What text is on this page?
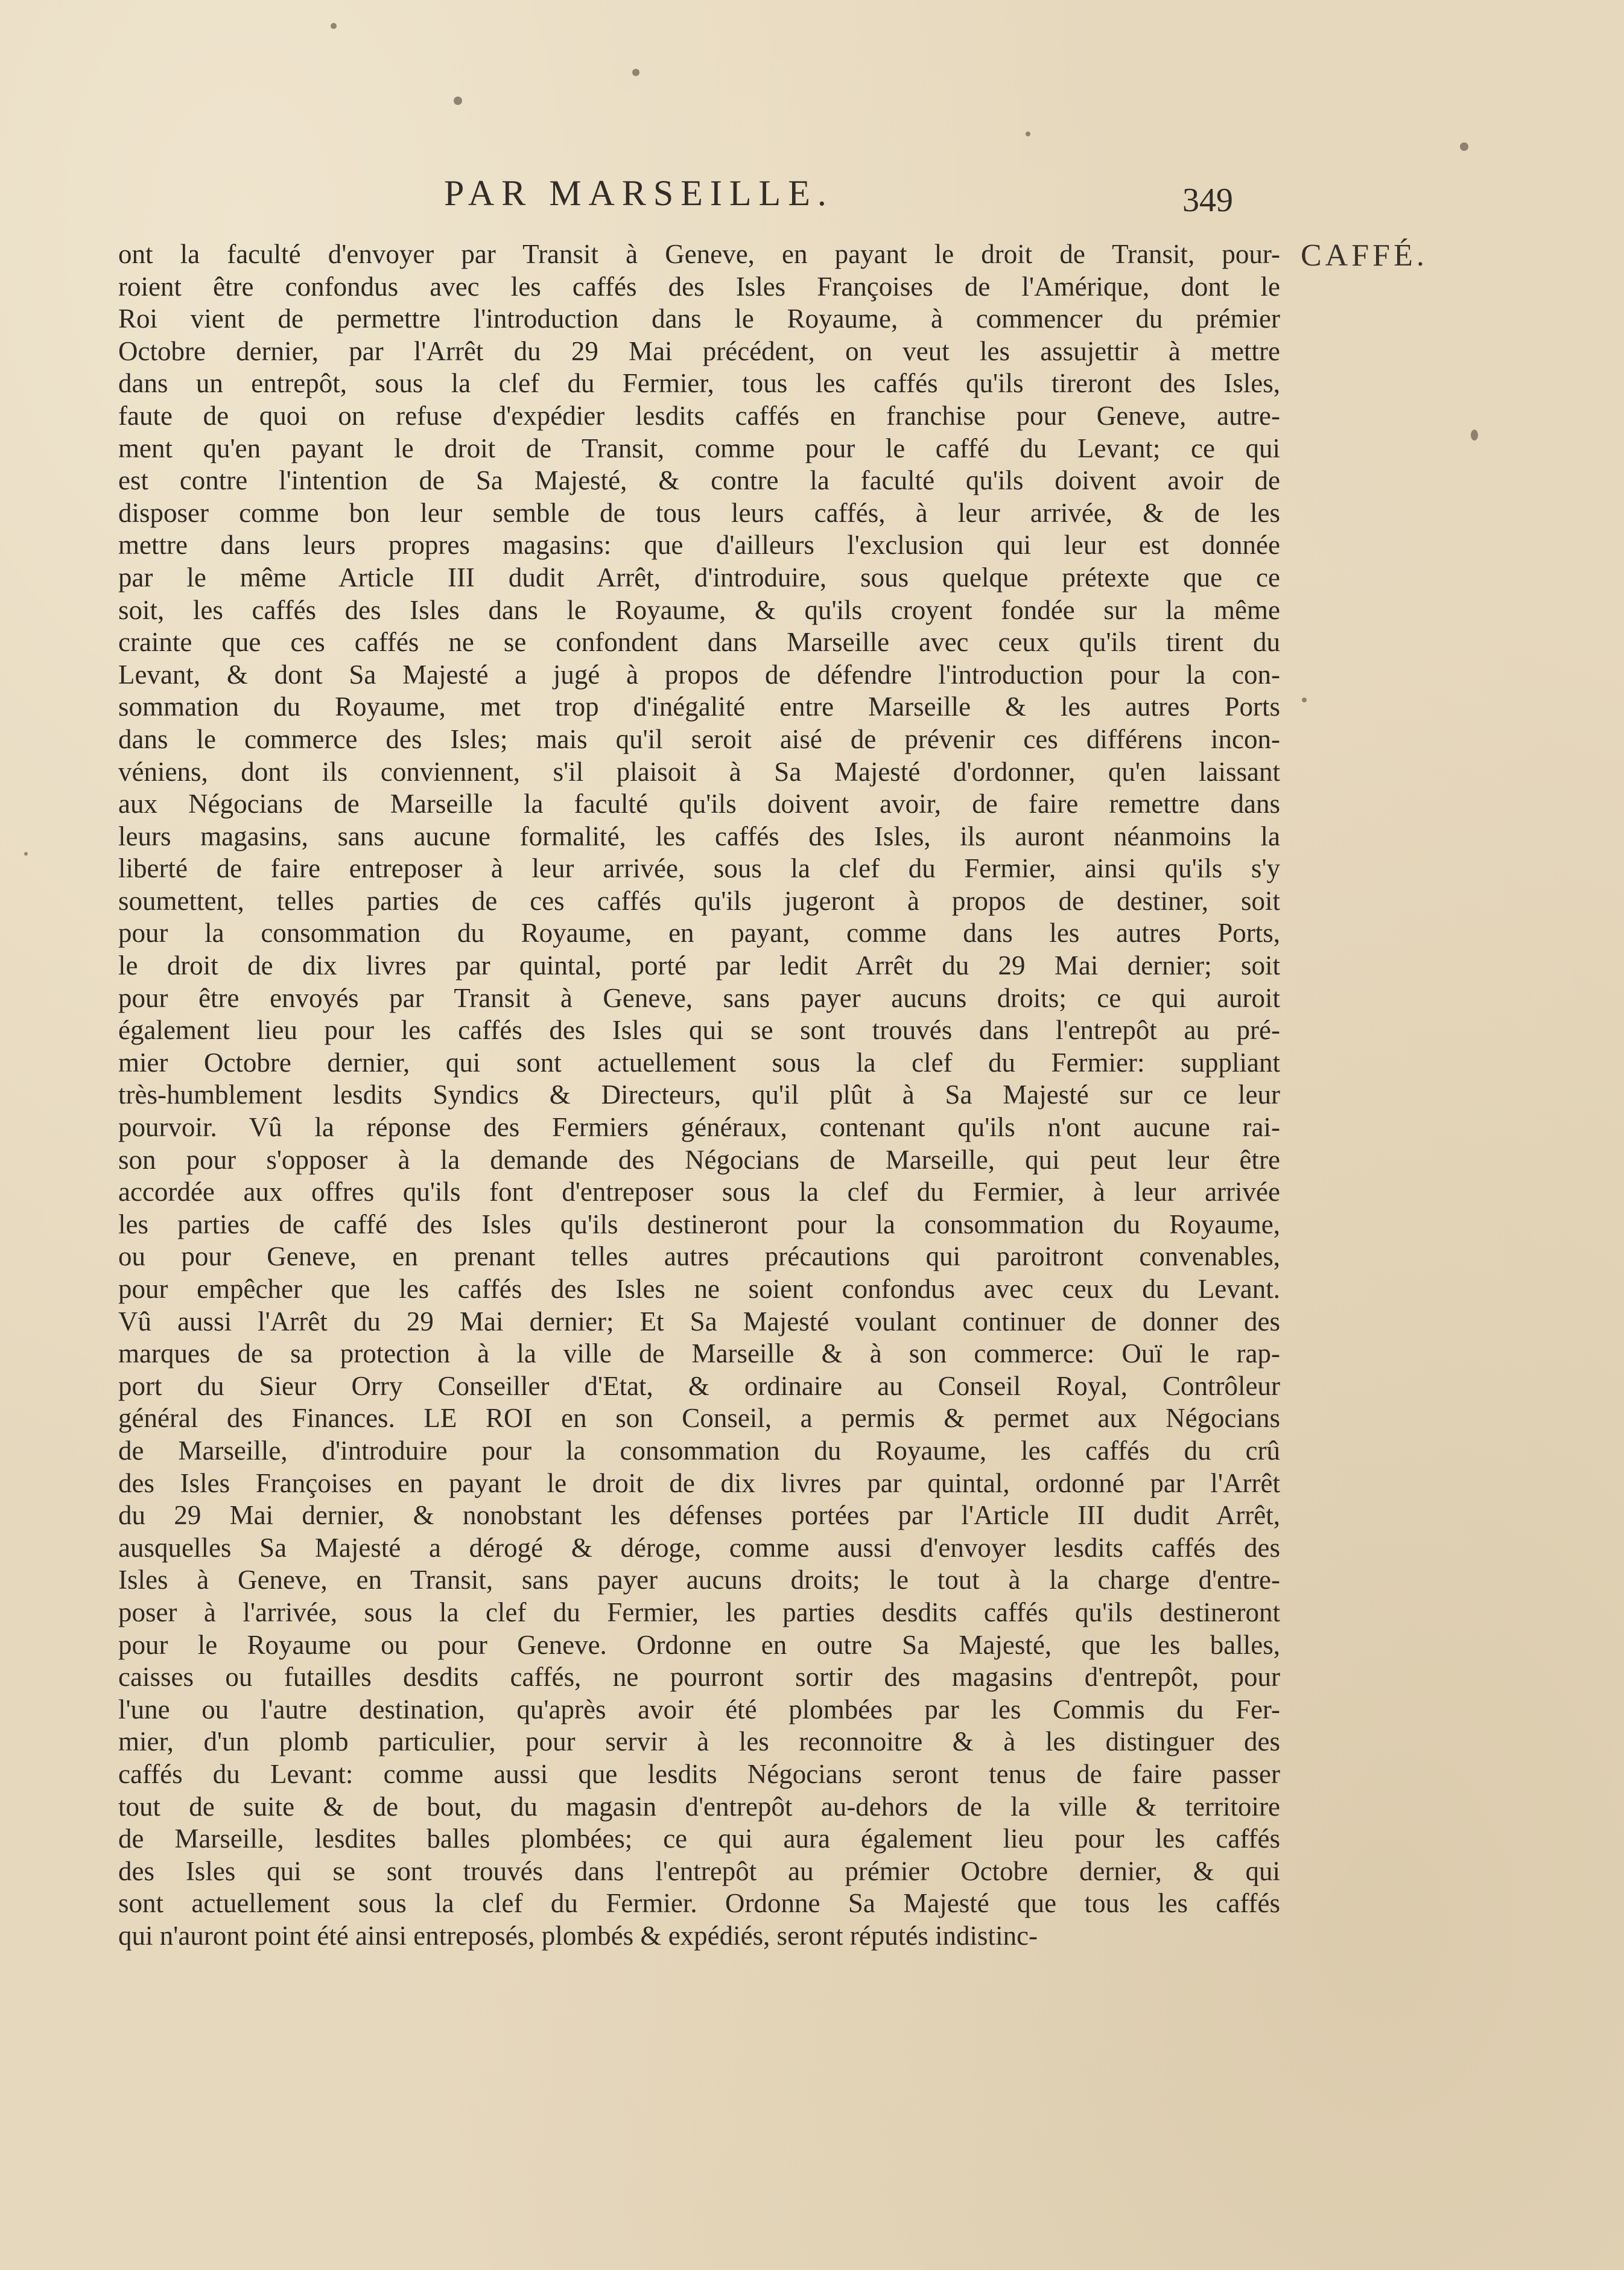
PAR MARSEILLE.	349
CAFFÉ.
ont la faculté d'envoyer par Transit à Geneve, en payant le droit de Transit, pour-
roient être confondus avec les caffés des Isles Françoises de l'Amérique, dont le
Roi vient de permettre l'introduction dans le Royaume, à commencer du prémier
Octobre dernier, par l'Arrêt du 29 Mai précédent, on veut les assujettir à mettre
dans un entrepôt, sous la clef du Fermier, tous les caffés qu'ils tireront des Isles,
faute de quoi on refuse d'expédier lesdits caffés en franchise pour Geneve, autre-
ment qu'en payant le droit de Transit, comme pour le caffé du Levant; ce qui
est contre l'intention de Sa Majesté, & contre la faculté qu'ils doivent avoir de
disposer comme bon leur semble de tous leurs caffés, à leur arrivée, & de les
mettre dans leurs propres magasins: que d'ailleurs l'exclusion qui leur est donnée
par le même Article III dudit Arrêt, d'introduire, sous quelque prétexte que ce
soit, les caffés des Isles dans le Royaume, & qu'ils croyent fondée sur la même
crainte que ces caffés ne se confondent dans Marseille avec ceux qu'ils tirent du
Levant, & dont Sa Majesté a jugé à propos de défendre l'introduction pour la con-
sommation du Royaume, met trop d'inégalité entre Marseille & les autres Ports
dans le commerce des Isles; mais qu'il seroit aisé de prévenir ces différens incon-
véniens, dont ils conviennent, s'il plaisoit à Sa Majesté d'ordonner, qu'en laissant
aux Négocians de Marseille la faculté qu'ils doivent avoir, de faire remettre dans
leurs magasins, sans aucune formalité, les caffés des Isles, ils auront néanmoins la
liberté de faire entreposer à leur arrivée, sous la clef du Fermier, ainsi qu'ils s'y
soumettent, telles parties de ces caffés qu'ils jugeront à propos de destiner, soit
pour la consommation du Royaume, en payant, comme dans les autres Ports,
le droit de dix livres par quintal, porté par ledit Arrêt du 29 Mai dernier; soit
pour être envoyés par Transit à Geneve, sans payer aucuns droits; ce qui auroit
également lieu pour les caffés des Isles qui se sont trouvés dans l'entrepôt au pré-
mier Octobre dernier, qui sont actuellement sous la clef du Fermier: suppliant
très-humblement lesdits Syndics & Directeurs, qu'il plût à Sa Majesté sur ce leur
pourvoir. Vû la réponse des Fermiers généraux, contenant qu'ils n'ont aucune rai-
son pour s'opposer à la demande des Négocians de Marseille, qui peut leur être
accordée aux offres qu'ils font d'entreposer sous la clef du Fermier, à leur arrivée
les parties de caffé des Isles qu'ils destineront pour la consommation du Royaume,
ou pour Geneve, en prenant telles autres précautions qui paroitront convenables,
pour empêcher que les caffés des Isles ne soient confondus avec ceux du Levant.
Vû aussi l'Arrêt du 29 Mai dernier; Et Sa Majesté voulant continuer de donner des
marques de sa protection à la ville de Marseille & à son commerce: Ouï le rap-
port du Sieur Orry Conseiller d'Etat, & ordinaire au Conseil Royal, Contrôleur
général des Finances. LE ROI en son Conseil, a permis & permet aux Négocians
de Marseille, d'introduire pour la consommation du Royaume, les caffés du crû
des Isles Françoises en payant le droit de dix livres par quintal, ordonné par l'Arrêt
du 29 Mai dernier, & nonobstant les défenses portées par l'Article III dudit Arrêt,
ausquelles Sa Majesté a dérogé & déroge, comme aussi d'envoyer lesdits caffés des
Isles à Geneve, en Transit, sans payer aucuns droits; le tout à la charge d'entre-
poser à l'arrivée, sous la clef du Fermier, les parties desdits caffés qu'ils destineront
pour le Royaume ou pour Geneve. Ordonne en outre Sa Majesté, que les balles,
caisses ou futailles desdits caffés, ne pourront sortir des magasins d'entrepôt, pour
l'une ou l'autre destination, qu'après avoir été plombées par les Commis du Fer-
mier, d'un plomb particulier, pour servir à les reconnoitre & à les distinguer des
caffés du Levant: comme aussi que lesdits Négocians seront tenus de faire passer
tout de suite & de bout, du magasin d'entrepôt au-dehors de la ville & territoire
de Marseille, lesdites balles plombées; ce qui aura également lieu pour les caffés
des Isles qui se sont trouvés dans l'entrepôt au prémier Octobre dernier, & qui
sont actuellement sous la clef du Fermier. Ordonne Sa Majesté que tous les caffés
qui n'auront point été ainsi entreposés, plombés & expédiés, seront réputés indistinc-
